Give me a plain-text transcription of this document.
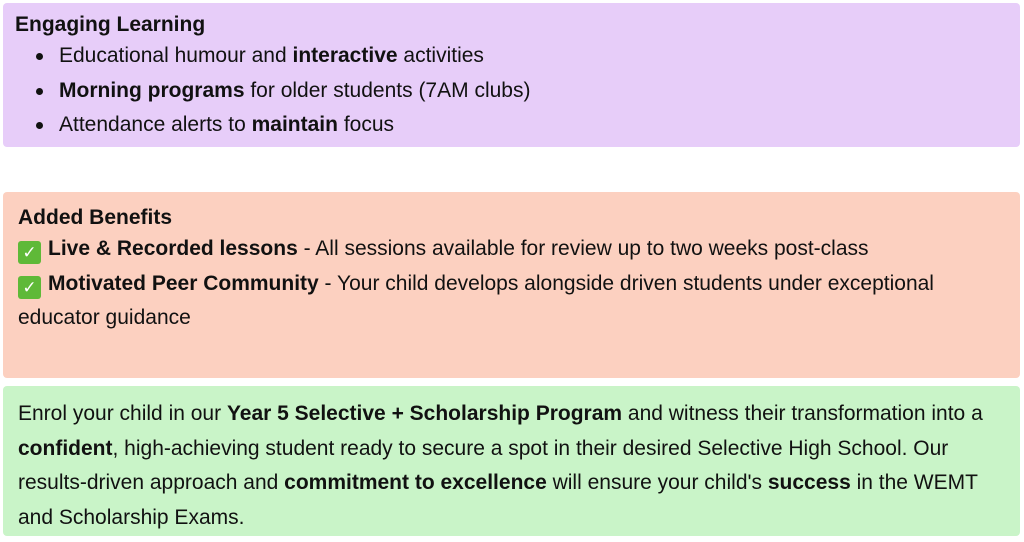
Engaging Learning

Educational humour and interactive activities
Morning programs for older students (7AM clubs)
Attendance alerts to maintain focus

Added Benefits

✓ Live & Recorded lessons - All sessions available for review up to two weeks post-class

✓ Motivated Peer Community - Your child develops alongside driven students under exceptional educator guidance

Enrol your child in our Year 5 Selective + Scholarship Program and witness their transformation into a confident, high-achieving student ready to secure a spot in their desired Selective High School. Our results-driven approach and commitment to excellence will ensure your child's success in the WEMT and Scholarship Exams.
